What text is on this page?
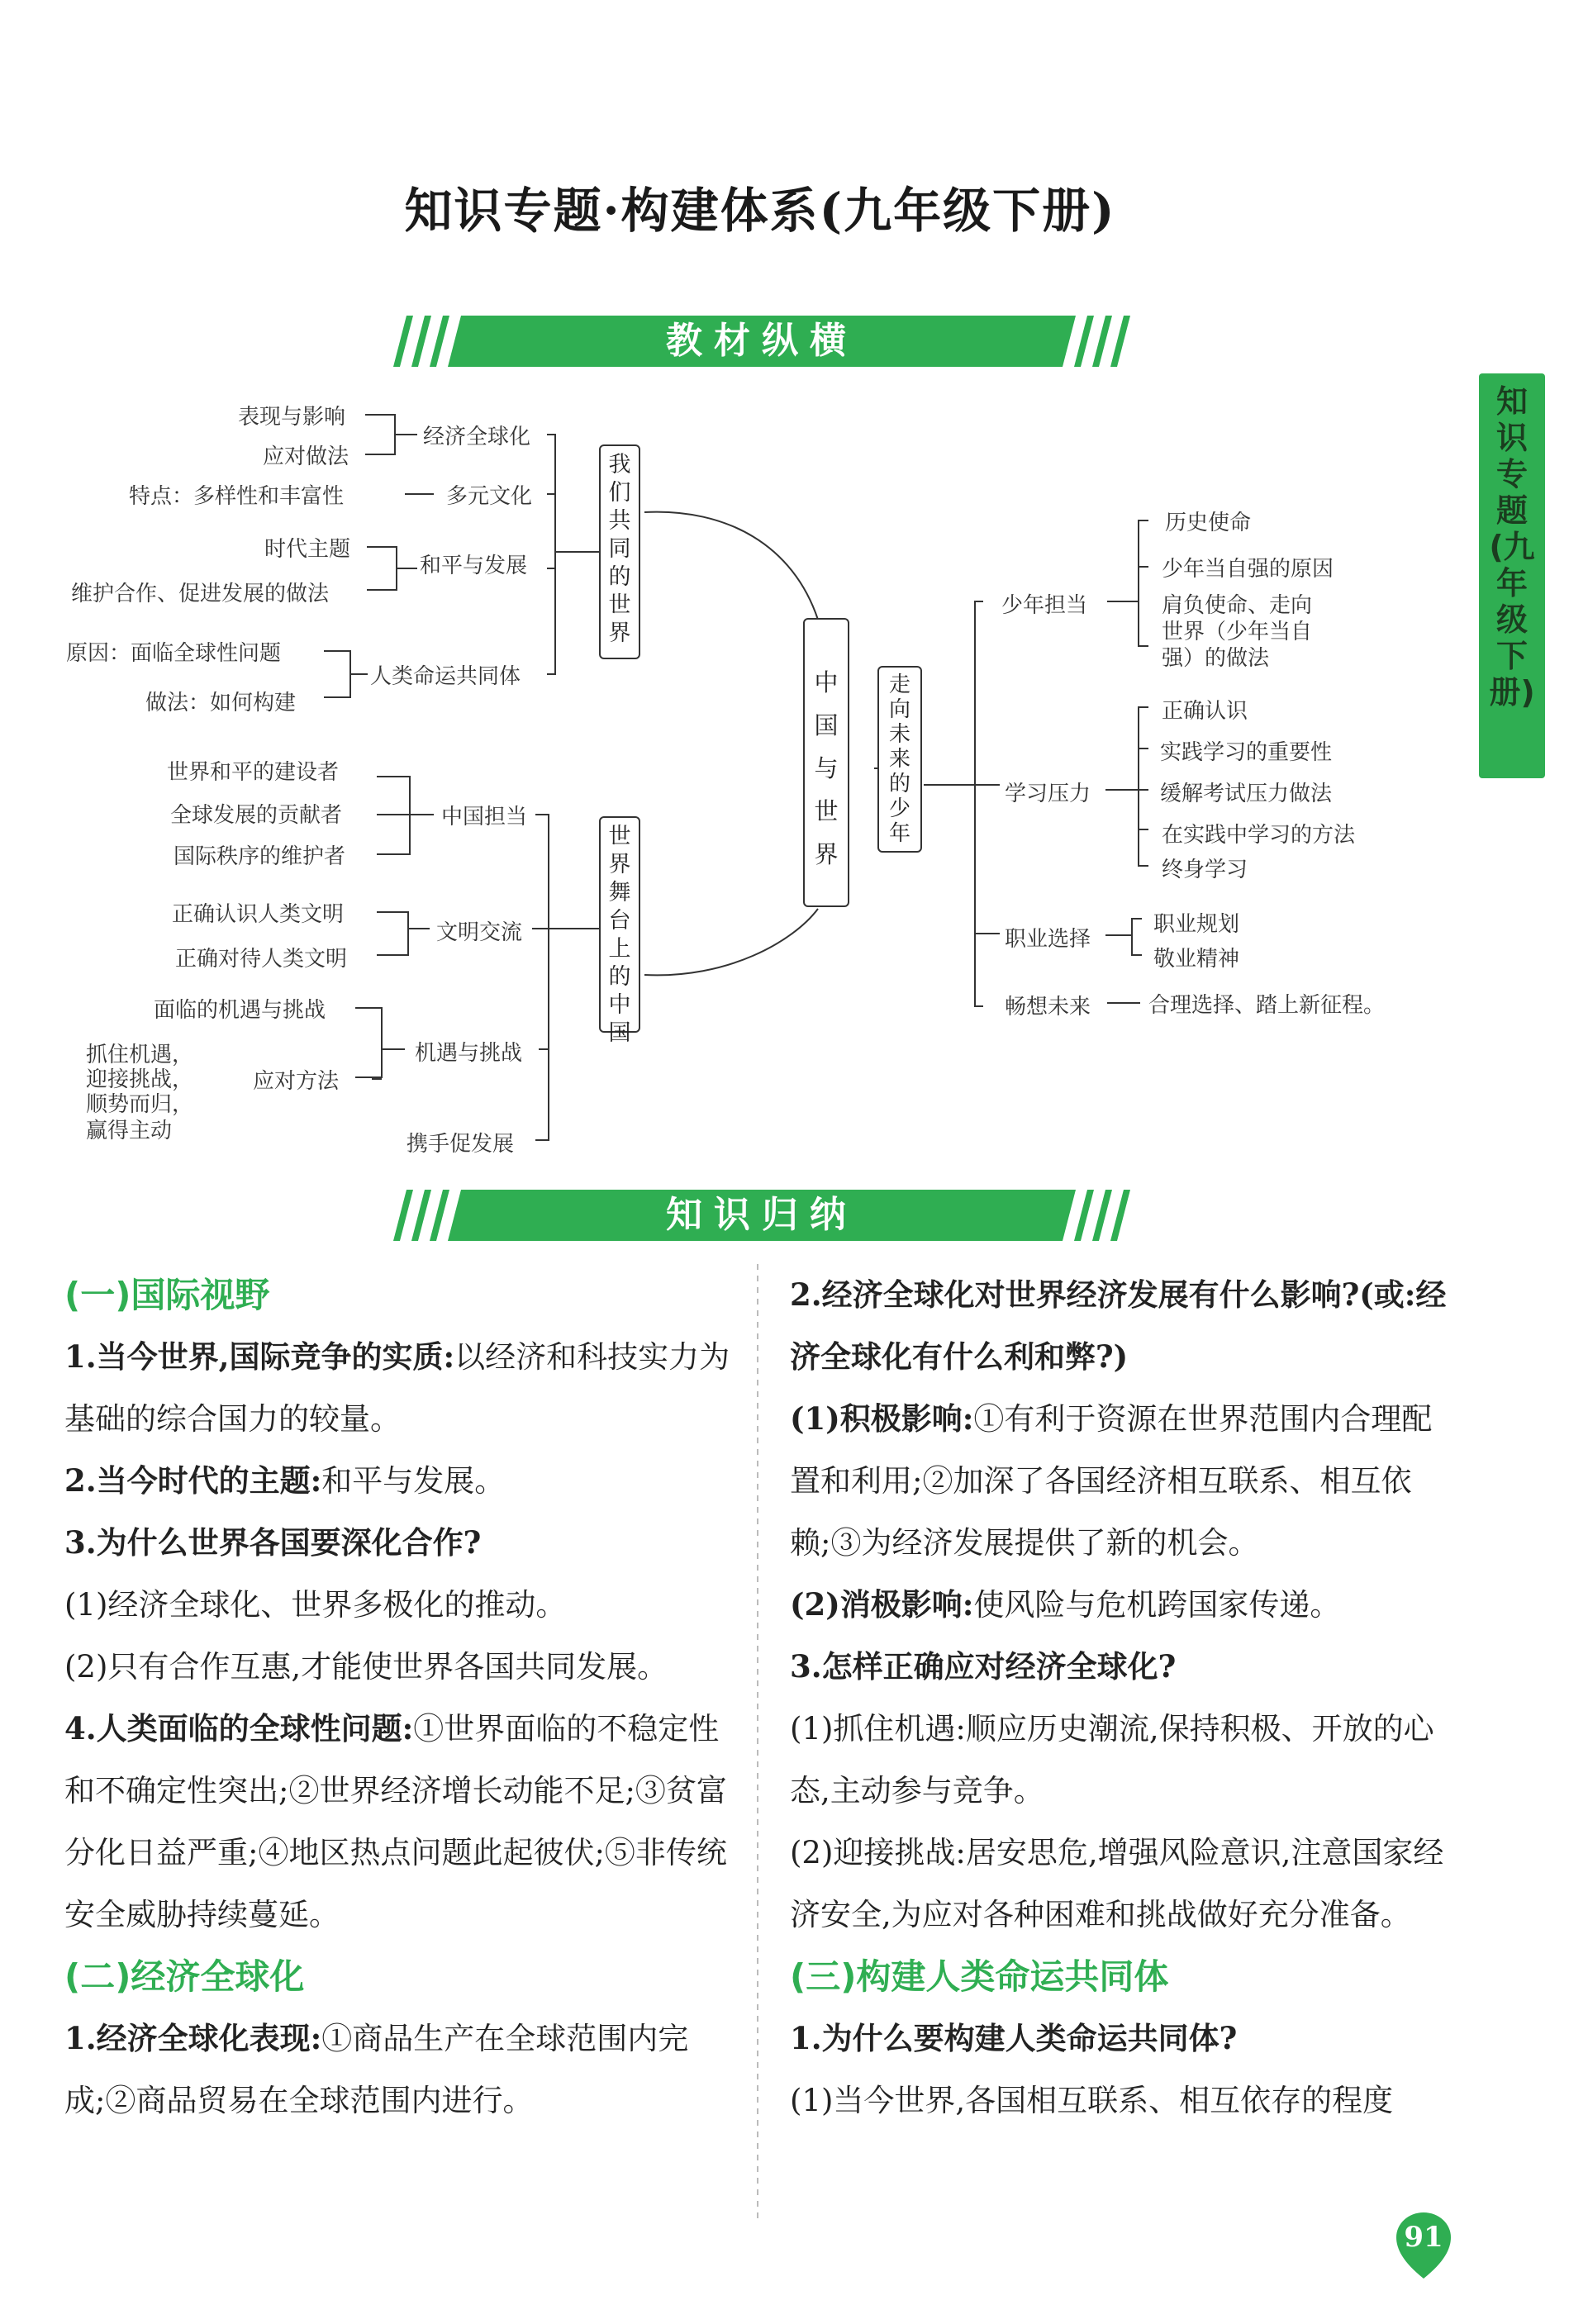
知识专题·构建体系(九年级下册)
教材纵横
知识归纳
知识专题(九年级下册)
我们共同的世界
世界舞台上的中国
中国与世界
走向未来的少年
表现与影响
应对做法
经济全球化
特点：多样性和丰富性	多元文化
时代主题
维护合作、促进发展的做法
和平与发展
原因：面临全球性问题
做法：如何构建
人类命运共同体
世界和平的建设者
全球发展的贡献者
国际秩序的维护者
中国担当
正确认识人类文明
正确对待人类文明
文明交流
面临的机遇与挑战
抓住机遇，
迎接挑战，
顺势而归，
赢得主动
应对方法
机遇与挑战
携手促发展
少年担当
历史使命
少年当自强的原因
肩负使命、走向
世界（少年当自
强）的做法
学习压力
正确认识
实践学习的重要性
缓解考试压力做法
在实践中学习的方法
终身学习
职业选择
职业规划
敬业精神
畅想未来	合理选择、踏上新征程。

(一)国际视野

1.当今世界,国际竞争的实质:以经济和科技实力为基础的综合国力的较量。

2.当今时代的主题:和平与发展。

3.为什么世界各国要深化合作?

(1)经济全球化、世界多极化的推动。

(2)只有合作互惠,才能使世界各国共同发展。

4.人类面临的全球性问题:①世界面临的不稳定性和不确定性突出;②世界经济增长动能不足;③贫富分化日益严重;④地区热点问题此起彼伏;⑤非传统安全威胁持续蔓延。

(二)经济全球化

1.经济全球化表现:①商品生产在全球范围内完成;②商品贸易在全球范围内进行。

2.经济全球化对世界经济发展有什么影响?(或:经济全球化有什么利和弊?)

(1)积极影响:①有利于资源在世界范围内合理配置和利用;②加深了各国经济相互联系、相互依赖;③为经济发展提供了新的机会。

(2)消极影响:使风险与危机跨国家传递。

3.怎样正确应对经济全球化?

(1)抓住机遇:顺应历史潮流,保持积极、开放的心态,主动参与竞争。

(2)迎接挑战:居安思危,增强风险意识,注意国家经济安全,为应对各种困难和挑战做好充分准备。

(三)构建人类命运共同体

1.为什么要构建人类命运共同体?

(1)当今世界,各国相互联系、相互依存的程度

91
